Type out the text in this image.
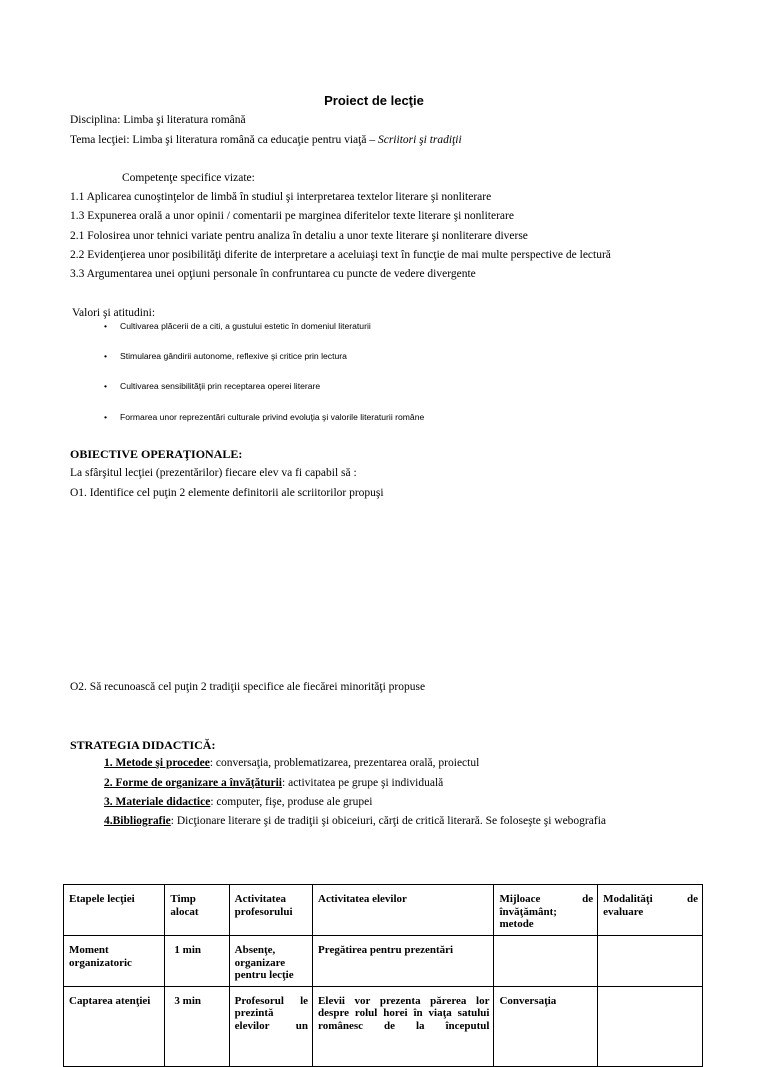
Proiect de lecţie
Disciplina: Limba şi literatura română
Tema lecţiei: Limba şi literatura română ca educaţie pentru viaţă – Scriitori şi tradiţii
Competenţe specifice vizate:
1.1 Aplicarea cunoştinţelor de limbă în studiul şi interpretarea textelor literare şi nonliterare
1.3 Expunerea orală a unor opinii / comentarii pe marginea diferitelor texte literare şi nonliterare
2.1 Folosirea unor tehnici variate pentru analiza în detaliu a unor texte literare şi nonliterare diverse
2.2 Evidenţierea unor posibilităţi diferite de interpretare a aceluiaşi text în funcţie de mai multe perspective de lectură
3.3 Argumentarea unei opţiuni personale în confruntarea cu puncte de vedere divergente
Valori şi atitudini:
• Cultivarea plăcerii de a citi, a gustului estetic în domeniul literaturii
• Stimularea gândirii autonome, reflexive şi critice prin lectura
• Cultivarea sensibilităţii prin receptarea operei literare
• Formarea unor reprezentări culturale privind evoluţia şi valorile literaturii române
OBIECTIVE OPERAŢIONALE:
La sfârşitul lecţiei (prezentărilor) fiecare elev va fi capabil să :
O1. Identifice cel puţin 2 elemente definitorii ale scriitorilor propuşi
O2. Să recunoască cel puţin 2 tradiţii specifice ale fiecărei minorităţi propuse
STRATEGIA DIDACTICĂ:
1. Metode şi procedee: conversaţia, problematizarea, prezentarea orală, proiectul
2. Forme de organizare a învăţăturii: activitatea pe grupe şi individuală
3. Materiale didactice: computer, fişe, produse ale grupei
4.Bibliografie: Dicţionare literare şi de tradiţii şi obiceiuri, cărţi de critică literară. Se foloseşte şi webografia
Etapele lecţiei	Timp alocat	Activitatea profesorului	Activitatea elevilor	Mijloace de învăţământ; metode	Modalităţi de evaluare
Moment organizatoric	1 min	Absenţe, organizare pentru lecţie	Pregătirea pentru prezentări		
Captarea atenţiei	3 min	Profesorul le prezintă elevilor un	Elevii vor prezenta părerea lor despre rolul horei în viaţa satului românesc de la începutul	Conversaţia	
